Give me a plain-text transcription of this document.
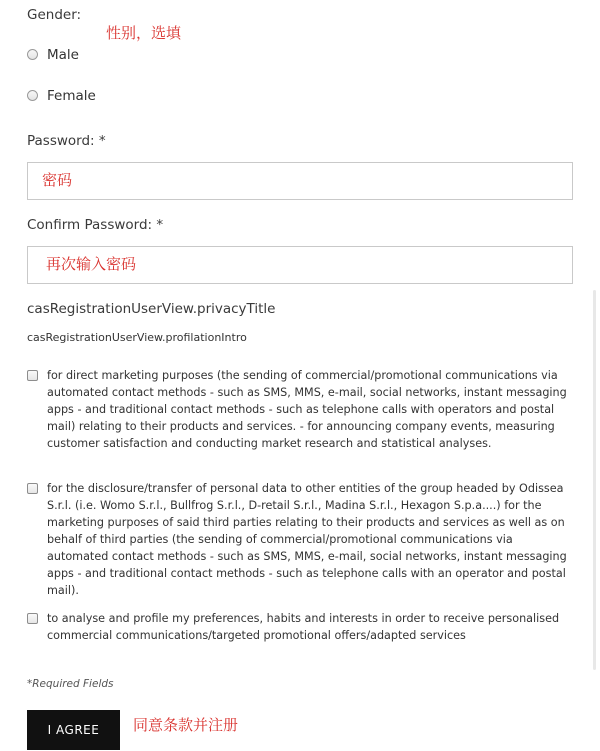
Gender:
性别，选填
Male
Female
Password: *
密码
Confirm Password: *
再次输入密码
casRegistrationUserView.privacyTitle
casRegistrationUserView.profilationIntro
for direct marketing purposes (the sending of commercial/promotional communications via automated contact methods - such as SMS, MMS, e-mail, social networks, instant messaging apps - and traditional contact methods - such as telephone calls with operators and postal mail) relating to their products and services. - for announcing company events, measuring customer satisfaction and conducting market research and statistical analyses.
for the disclosure/transfer of personal data to other entities of the group headed by Odissea S.r.l. (i.e. Womo S.r.l., Bullfrog S.r.l., D-retail S.r.l., Madina S.r.l., Hexagon S.p.a....) for the marketing purposes of said third parties relating to their products and services as well as on behalf of third parties (the sending of commercial/promotional communications via automated contact methods - such as SMS, MMS, e-mail, social networks, instant messaging apps - and traditional contact methods - such as telephone calls with an operator and postal mail).
to analyse and profile my preferences, habits and interests in order to receive personalised commercial communications/targeted promotional offers/adapted services
*Required Fields
I AGREE	同意条款并注册
